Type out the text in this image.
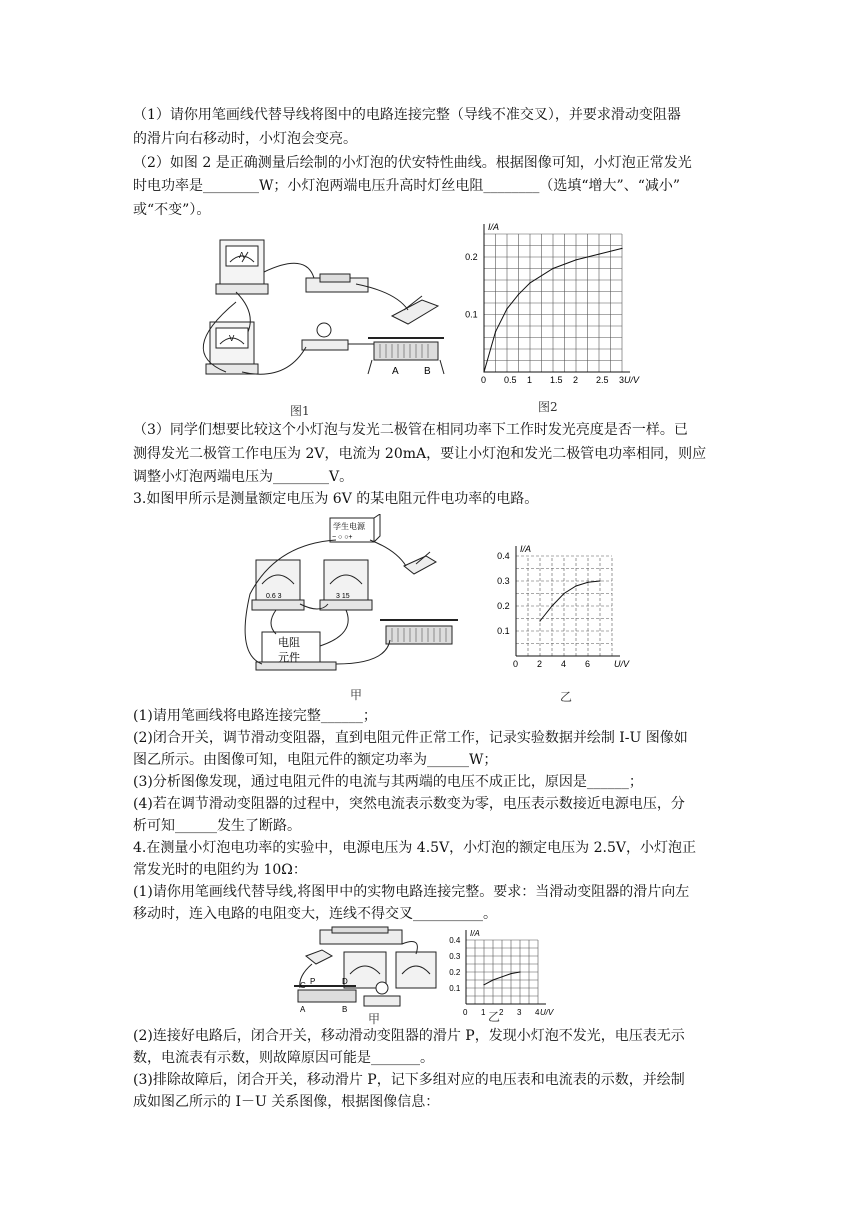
（1）请你用笔画线代替导线将图中的电路连接完整（导线不准交叉），并要求滑动变阻器
的滑片向右移动时，小灯泡会变亮。
（2）如图 2 是正确测量后绘制的小灯泡的伏安特性曲线。根据图像可知，小灯泡正常发光
时电功率是________W；小灯泡两端电压升高时灯丝电阻________（选填“增大”、“减小”
或“不变”）。
A
V
A	B
图1
0 0.5 1 1.5 2 2.5 3
0.1
0.2
U/V
I/A
图2
（3）同学们想要比较这个小灯泡与发光二极管在相同功率下工作时发光亮度是否一样。已
测得发光二极管工作电压为 2V，电流为 20mA，要让小灯泡和发光二极管电功率相同，则应
调整小灯泡两端电压为________V。
3.如图甲所示是测量额定电压为 6V 的某电阻元件电功率的电路。
学生电源
− ○ ○+
0.6 3	3 15
电阻
元件
甲
0 2 4 6
0.1
0.2
0.3
0.4
U/V
I/A
乙
(1)请用笔画线将电路连接完整______；
(2)闭合开关，调节滑动变阻器，直到电阻元件正常工作，记录实验数据并绘制 I-U 图像如
图乙所示。由图像可知，电阻元件的额定功率为______W；
(3)分析图像发现，通过电阻元件的电流与其两端的电压不成正比，原因是______；
(4)若在调节滑动变阻器的过程中，突然电流表示数变为零，电压表示数接近电源电压，分
析可知______发生了断路。
4.在测量小灯泡电功率的实验中，电源电压为 4.5V，小灯泡的额定电压为 2.5V，小灯泡正
常发光时的电阻约为 10Ω：
(1)请你用笔画线代替导线,将图甲中的实物电路连接完整。要求：当滑动变阻器的滑片向左
移动时，连入电路的电阻变大，连线不得交叉__________。
C P	D
A	B
甲	0 1 2 3 4
0.1
0.2
0.3
0.4
U/V
I/A
乙
(2)连接好电路后，闭合开关，移动滑动变阻器的滑片 P，发现小灯泡不发光，电压表无示
数，电流表有示数，则故障原因可能是_______。
(3)排除故障后，闭合开关，移动滑片 P，记下多组对应的电压表和电流表的示数，并绘制
成如图乙所示的 I－U 关系图像，根据图像信息：
